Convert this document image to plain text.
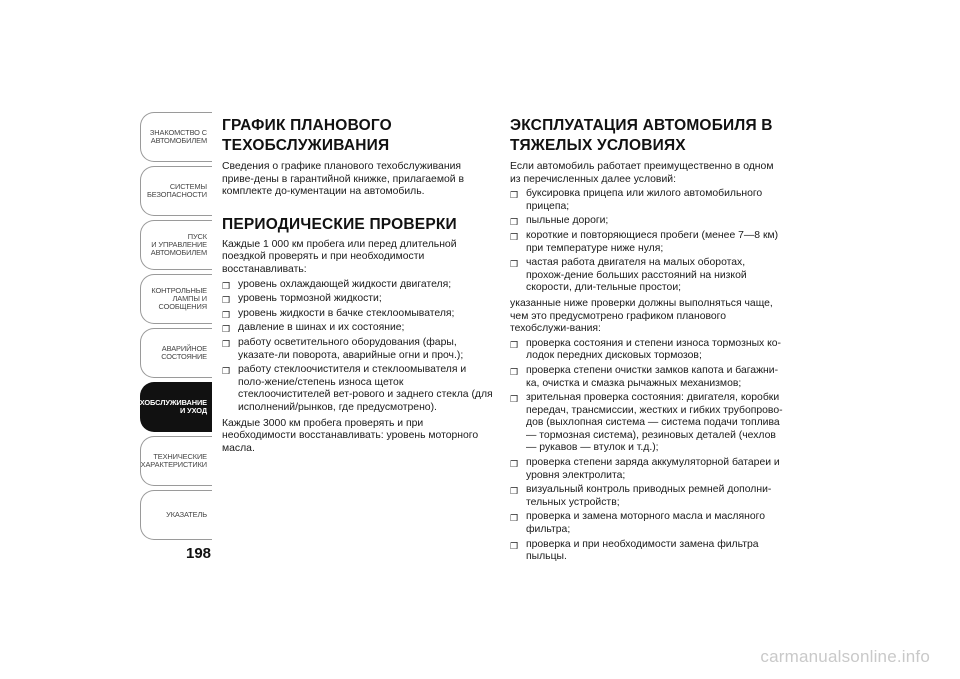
ЗНАКОМСТВО С
АВТОМОБИЛЕМ
СИСТЕМЫ
БЕЗОПАСНОСТИ
ПУСК
И УПРАВЛЕНИЕ
АВТОМОБИЛЕМ
КОНТРОЛЬНЫЕ
ЛАМПЫ И
СООБЩЕНИЯ
АВАРИЙНОЕ
СОСТОЯНИЕ
ТЕХОБСЛУЖИВАНИЕ
И УХОД
ТЕХНИЧЕСКИЕ
ХАРАКТЕРИСТИКИ
УКАЗАТЕЛЬ
198
ГРАФИК ПЛАНОВОГО
ТЕХОБСЛУЖИВАНИЯ

Сведения о графике планового техобслуживания приве-дены в гарантийной книжке, прилагаемой в комплекте до-кументации на автомобиль.

ПЕРИОДИЧЕСКИЕ ПРОВЕРКИ

Каждые 1 000 км пробега или перед длительной поездкой проверять и при необходимости восстанавливать:

❒ уровень охлаждающей жидкости двигателя;
❒ уровень тормозной жидкости;
❒ уровень жидкости в бачке стеклоомывателя;
❒ давление в шинах и их состояние;
❒ работу осветительного оборудования (фары, указате-ли поворота, аварийные огни и проч.);
❒ работу стеклоочистителя и стеклоомывателя и поло-жение/степень износа щеток стеклоочистителей вет-рового и заднего стекла (для исполнений/рынков, где предусмотрено).

Каждые 3000 км пробега проверять и при необходимости восстанавливать: уровень моторного масла.

ЭКСПЛУАТАЦИЯ АВТОМОБИЛЯ В
ТЯЖЕЛЫХ УСЛОВИЯХ

Если автомобиль работает преимущественно в одном из перечисленных далее условий:

❒ буксировка прицепа или жилого автомобильного прицепа;
❒ пыльные дороги;
❒ короткие и повторяющиеся пробеги (менее 7—8 км) при температуре ниже нуля;
❒ частая работа двигателя на малых оборотах, прохож-дение больших расстояний на низкой скорости, дли-тельные простои;

указанные ниже проверки должны выполняться чаще, чем это предусмотрено графиком планового техобслужи-вания:

❒ проверка состояния и степени износа тормозных ко-лодок передних дисковых тормозов;
❒ проверка степени очистки замков капота и багажни-ка, очистка и смазка рычажных механизмов;
❒ зрительная проверка состояния: двигателя, коробки передач, трансмиссии, жестких и гибких трубопрово-дов (выхлопная система — система подачи топлива — тормозная система), резиновых деталей (чехлов — рукавов — втулок и т.д.);
❒ проверка степени заряда аккумуляторной батареи и уровня электролита;
❒ визуальный контроль приводных ремней дополни-тельных устройств;
❒ проверка и замена моторного масла и масляного фильтра;
❒ проверка и при необходимости замена фильтра пыльцы.
carmanualsonline.info
